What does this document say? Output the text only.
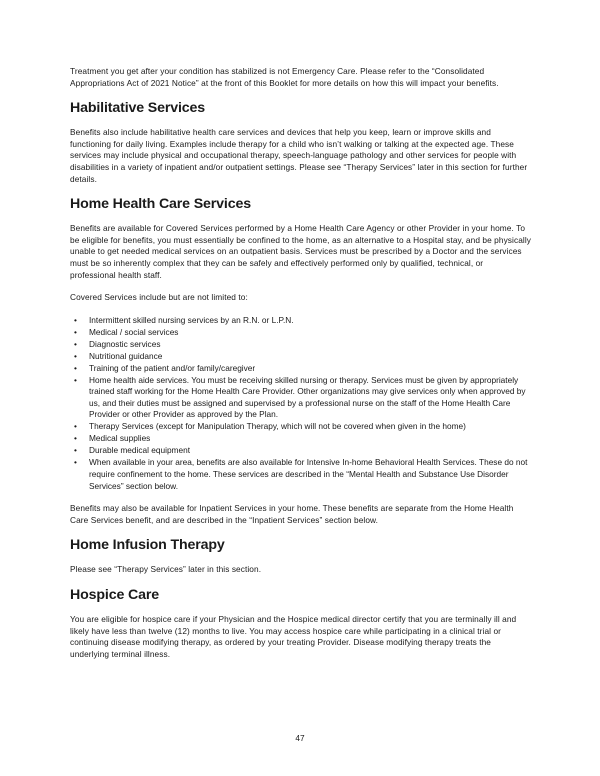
Treatment you get after your condition has stabilized is not Emergency Care. Please refer to the “Consolidated Appropriations Act of 2021 Notice” at the front of this Booklet for more details on how this will impact your benefits.

Habilitative Services

Benefits also include habilitative health care services and devices that help you keep, learn or improve skills and functioning for daily living. Examples include therapy for a child who isn’t walking or talking at the expected age. These services may include physical and occupational therapy, speech-language pathology and other services for people with disabilities in a variety of inpatient and/or outpatient settings. Please see “Therapy Services” later in this section for further details.

Home Health Care Services

Benefits are available for Covered Services performed by a Home Health Care Agency or other Provider in your home. To be eligible for benefits, you must essentially be confined to the home, as an alternative to a Hospital stay, and be physically unable to get needed medical services on an outpatient basis. Services must be prescribed by a Doctor and the services must be so inherently complex that they can be safely and effectively performed only by qualified, technical, or professional health staff.

Covered Services include but are not limited to:

•	Intermittent skilled nursing services by an R.N. or L.P.N.
•	Medical / social services
•	Diagnostic services
•	Nutritional guidance
•	Training of the patient and/or family/caregiver
•	Home health aide services. You must be receiving skilled nursing or therapy. Services must be given by appropriately trained staff working for the Home Health Care Provider. Other organizations may give services only when approved by us, and their duties must be assigned and supervised by a professional nurse on the staff of the Home Health Care Provider or other Provider as approved by the Plan.
•	Therapy Services (except for Manipulation Therapy, which will not be covered when given in the home)
•	Medical supplies
•	Durable medical equipment
•	When available in your area, benefits are also available for Intensive In-home Behavioral Health Services. These do not require confinement to the home. These services are described in the “Mental Health and Substance Use Disorder Services” section below.

Benefits may also be available for Inpatient Services in your home. These benefits are separate from the Home Health Care Services benefit, and are described in the “Inpatient Services” section below.

Home Infusion Therapy

Please see “Therapy Services” later in this section.

Hospice Care

You are eligible for hospice care if your Physician and the Hospice medical director certify that you are terminally ill and likely have less than twelve (12) months to live. You may access hospice care while participating in a clinical trial or continuing disease modifying therapy, as ordered by your treating Provider. Disease modifying therapy treats the underlying terminal illness.

47
